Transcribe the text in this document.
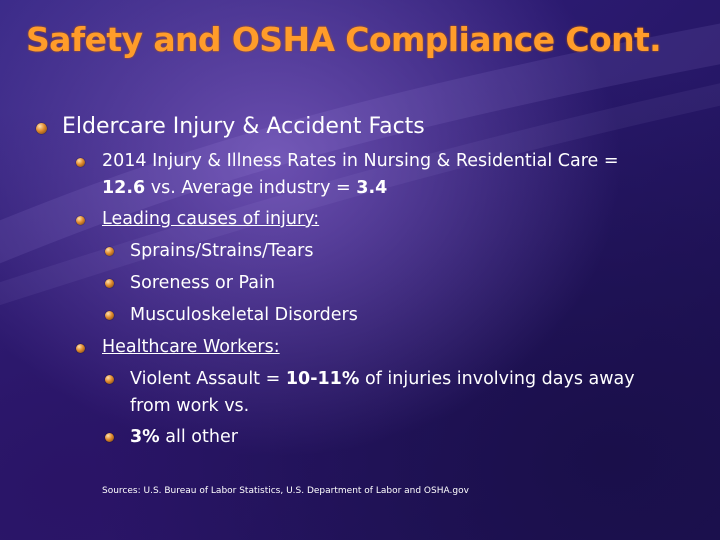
Safety and OSHA Compliance Cont.
Eldercare Injury & Accident Facts
2014 Injury & Illness Rates in Nursing & Residential Care =
12.6 vs. Average industry = 3.4
Leading causes of injury:
Sprains/Strains/Tears
Soreness or Pain
Musculoskeletal Disorders
Healthcare Workers:
Violent Assault = 10-11% of injuries involving days away
from work vs.
3% all other
Sources: U.S. Bureau of Labor Statistics, U.S. Department of Labor and OSHA.gov
